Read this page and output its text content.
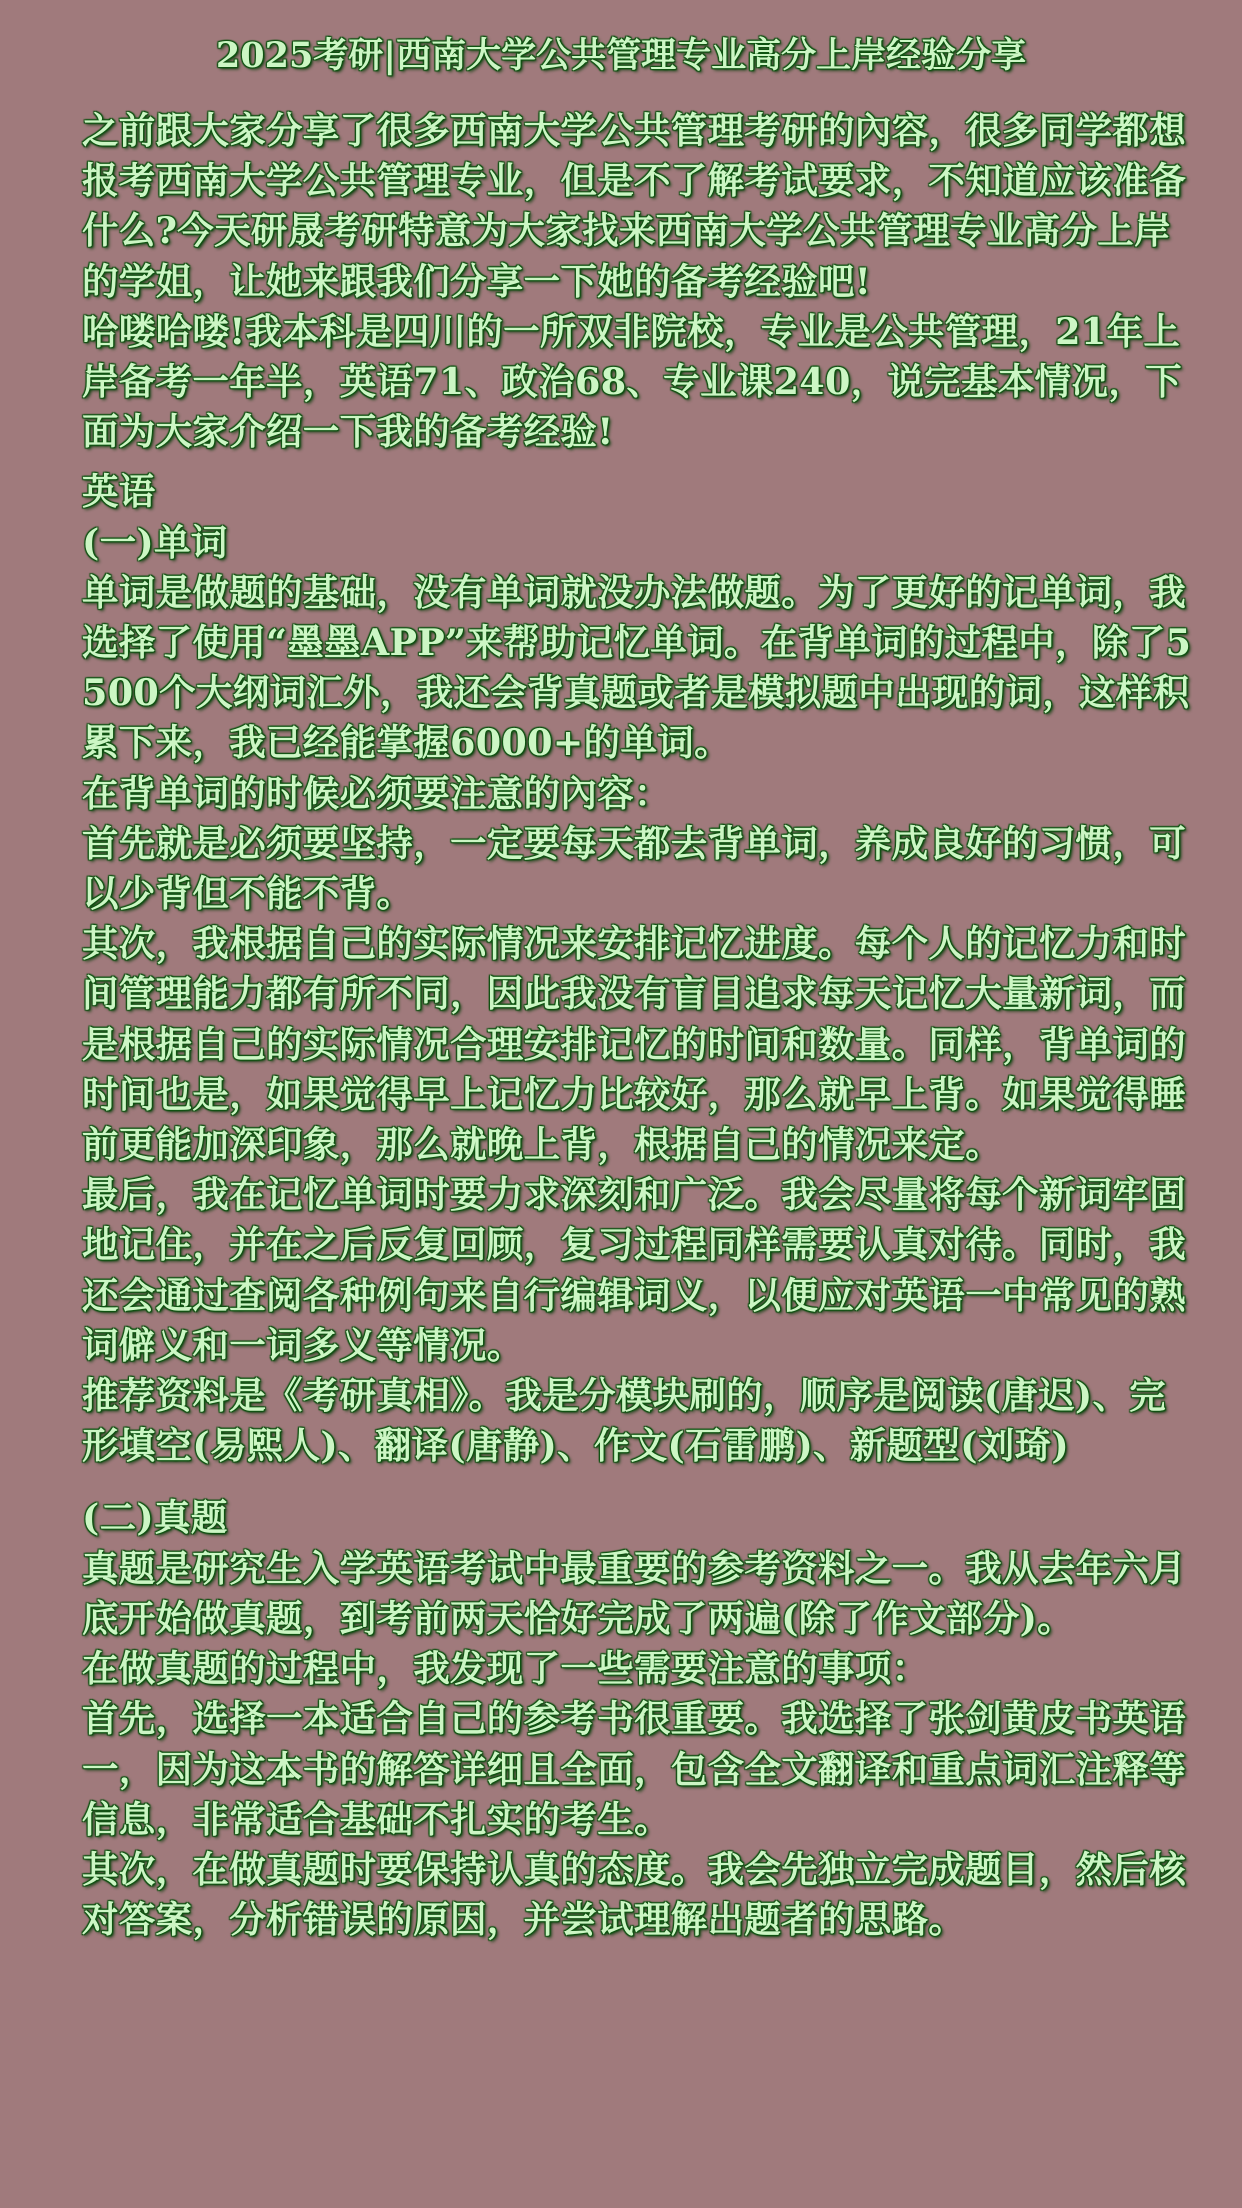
2025考研|西南大学公共管理专业高分上岸经验分享

之前跟大家分享了很多西南大学公共管理考研的內容，很多同学都想报考西南大学公共管理专业，但是不了解考试要求，不知道应该准备什么?今天研晟考研特意为大家找来西南大学公共管理专业高分上岸的学姐，让她来跟我们分享一下她的备考经验吧!

哈喽哈喽!我本科是四川的一所双非院校，专业是公共管理，21年上岸备考一年半，英语71、政治68、专业课240，说完基本情况，下面为大家介绍一下我的备考经验!

英语

(一)单词

单词是做题的基础，没有单词就没办法做题。为了更好的记单词，我选择了使用“墨墨APP”来帮助记忆单词。在背单词的过程中，除了5500个大纲词汇外，我还会背真题或者是模拟题中出现的词，这样积累下来，我已经能掌握6000+的单词。

在背单词的时候必须要注意的內容：

首先就是必须要坚持，一定要每天都去背单词，养成良好的习惯，可以少背但不能不背。

其次，我根据自己的实际情况来安排记忆进度。每个人的记忆力和时间管理能力都有所不同，因此我没有盲目追求每天记忆大量新词，而是根据自己的实际情况合理安排记忆的时间和数量。同样，背单词的时间也是，如果觉得早上记忆力比较好，那么就早上背。如果觉得睡前更能加深印象，那么就晚上背，根据自己的情况来定。

最后，我在记忆单词时要力求深刻和广泛。我会尽量将每个新词牢固地记住，并在之后反复回顾，复习过程同样需要认真对待。同时，我还会通过查阅各种例句来自行编辑词义，以便应对英语一中常见的熟词僻义和一词多义等情况。

推荐资料是《考研真相》。我是分模块刷的，顺序是阅读(唐迟)、完形填空(易熙人)、翻译(唐静)、作文(石雷鹏)、新题型(刘琦)

(二)真题

真题是研究生入学英语考试中最重要的参考资料之一。我从去年六月底开始做真题，到考前两天恰好完成了两遍(除了作文部分)。

在做真题的过程中，我发现了一些需要注意的事项：

首先，选择一本适合自己的参考书很重要。我选择了张剑黄皮书英语一，因为这本书的解答详细且全面，包含全文翻译和重点词汇注释等信息，非常适合基础不扎实的考生。

其次，在做真题时要保持认真的态度。我会先独立完成题目，然后核对答案，分析错误的原因，并尝试理解出题者的思路。
